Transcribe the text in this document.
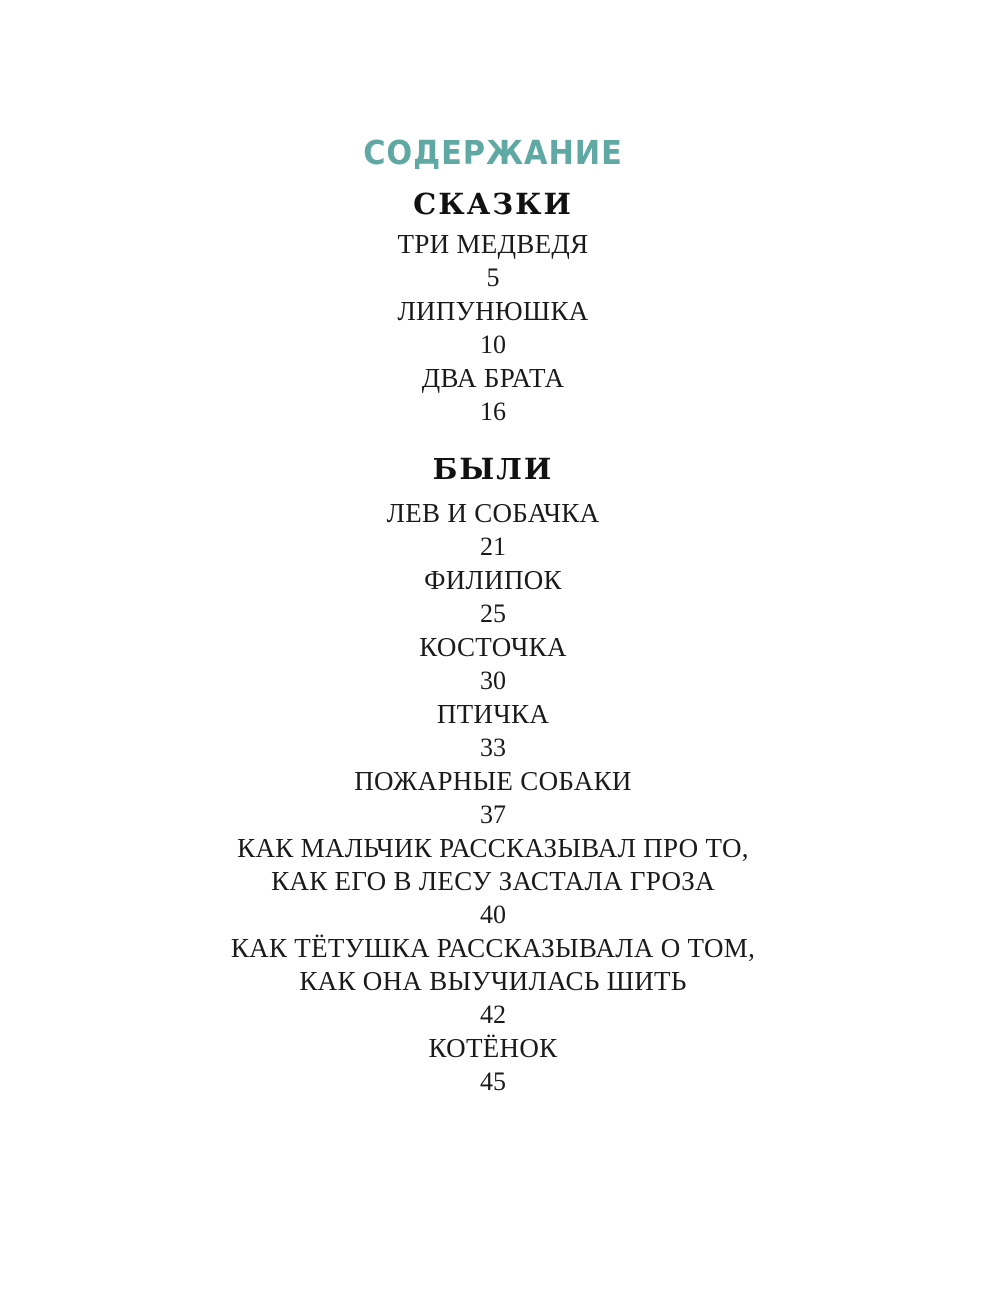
СОДЕРЖАНИЕ
СКАЗКИ
ТРИ МЕДВЕДЯ
5
ЛИПУНЮШКА
10
ДВА БРАТА
16
БЫЛИ
ЛЕВ И СОБАЧКА
21
ФИЛИПОК
25
КОСТОЧКА
30
ПТИЧКА
33
ПОЖАРНЫЕ СОБАКИ
37
КАК МАЛЬЧИК РАССКАЗЫВАЛ ПРО ТО,
КАК ЕГО В ЛЕСУ ЗАСТАЛА ГРОЗА
40
КАК ТЁТУШКА РАССКАЗЫВАЛА О ТОМ,
КАК ОНА ВЫУЧИЛАСЬ ШИТЬ
42
КОТЁНОК
45
